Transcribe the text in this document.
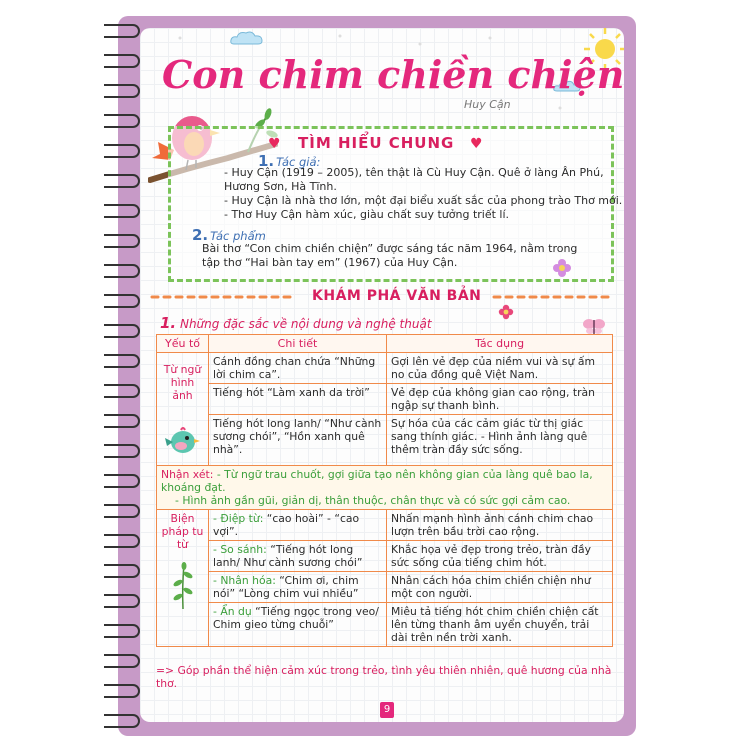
Con chim chiền chiện
Huy Cận
♥	♥
TÌM HIỂU CHUNG
1. Tác giả:
- Huy Cận (1919 – 2005), tên thật là Cù Huy Cận. Quê ở làng Ân Phú,
Hương Sơn, Hà Tĩnh.
- Huy Cận là nhà thơ lớn, một đại biểu xuất sắc của phong trào Thơ mới.
- Thơ Huy Cận hàm xúc, giàu chất suy tưởng triết lí.
2. Tác phẩm
Bài thơ “Con chim chiền chiện” được sáng tác năm 1964, nằm trong
tập thơ “Hai bàn tay em” (1967) của Huy Cận.
KHÁM PHÁ VĂN BẢN
1. Những đặc sắc về nội dung và nghệ thuật
Yếu tố	Chi tiết	Tác dụng

Từ ngữ hình ảnh	Cánh đồng chan chứa “Những lời chim ca”.	Gợi lên vẻ đẹp của niềm vui và sự ấm no của đồng quê Việt Nam.
	Tiếng hót “Làm xanh da trời”	Vẻ đẹp của không gian cao rộng, tràn ngập sự thanh bình.
	Tiếng hót long lanh/ “Như cành sương chói”, “Hồn xanh quê nhà”.	Sự hóa của các cảm giác từ thị giác sang thính giác. - Hình ảnh làng quê thêm tràn đầy sức sống.
Nhận xét: - Từ ngữ trau chuốt, gợi giữa tạo nên không gian của làng quê bao la, khoáng đạt.
- Hình ảnh gần gũi, giản dị, thân thuộc, chân thực và có sức gợi cảm cao.		

Biện pháp tu từ	- Điệp từ: “cao hoài” - “cao vợi”.	Nhấn mạnh hình ảnh cánh chim chao lượn trên bầu trời cao rộng.
	- So sánh: “Tiếng hót long lanh/ Như cành sương chói”	Khắc họa vẻ đẹp trong trẻo, tràn đầy sức sống của tiếng chim hót.
	- Nhân hóa: “Chim ơi, chim nói” “Lòng chim vui nhiều”	Nhân cách hóa chim chiền chiện như một con người.
	- Ẩn dụ “Tiếng ngọc trong veo/ Chim gieo từng chuỗi”	Miêu tả tiếng hót chim chiền chiện cất lên từng thanh âm uyển chuyển, trải dài trên nền trời xanh.
=> Góp phần thể hiện cảm xúc trong trẻo, tình yêu thiên nhiên, quê hương của nhà thơ.
9
